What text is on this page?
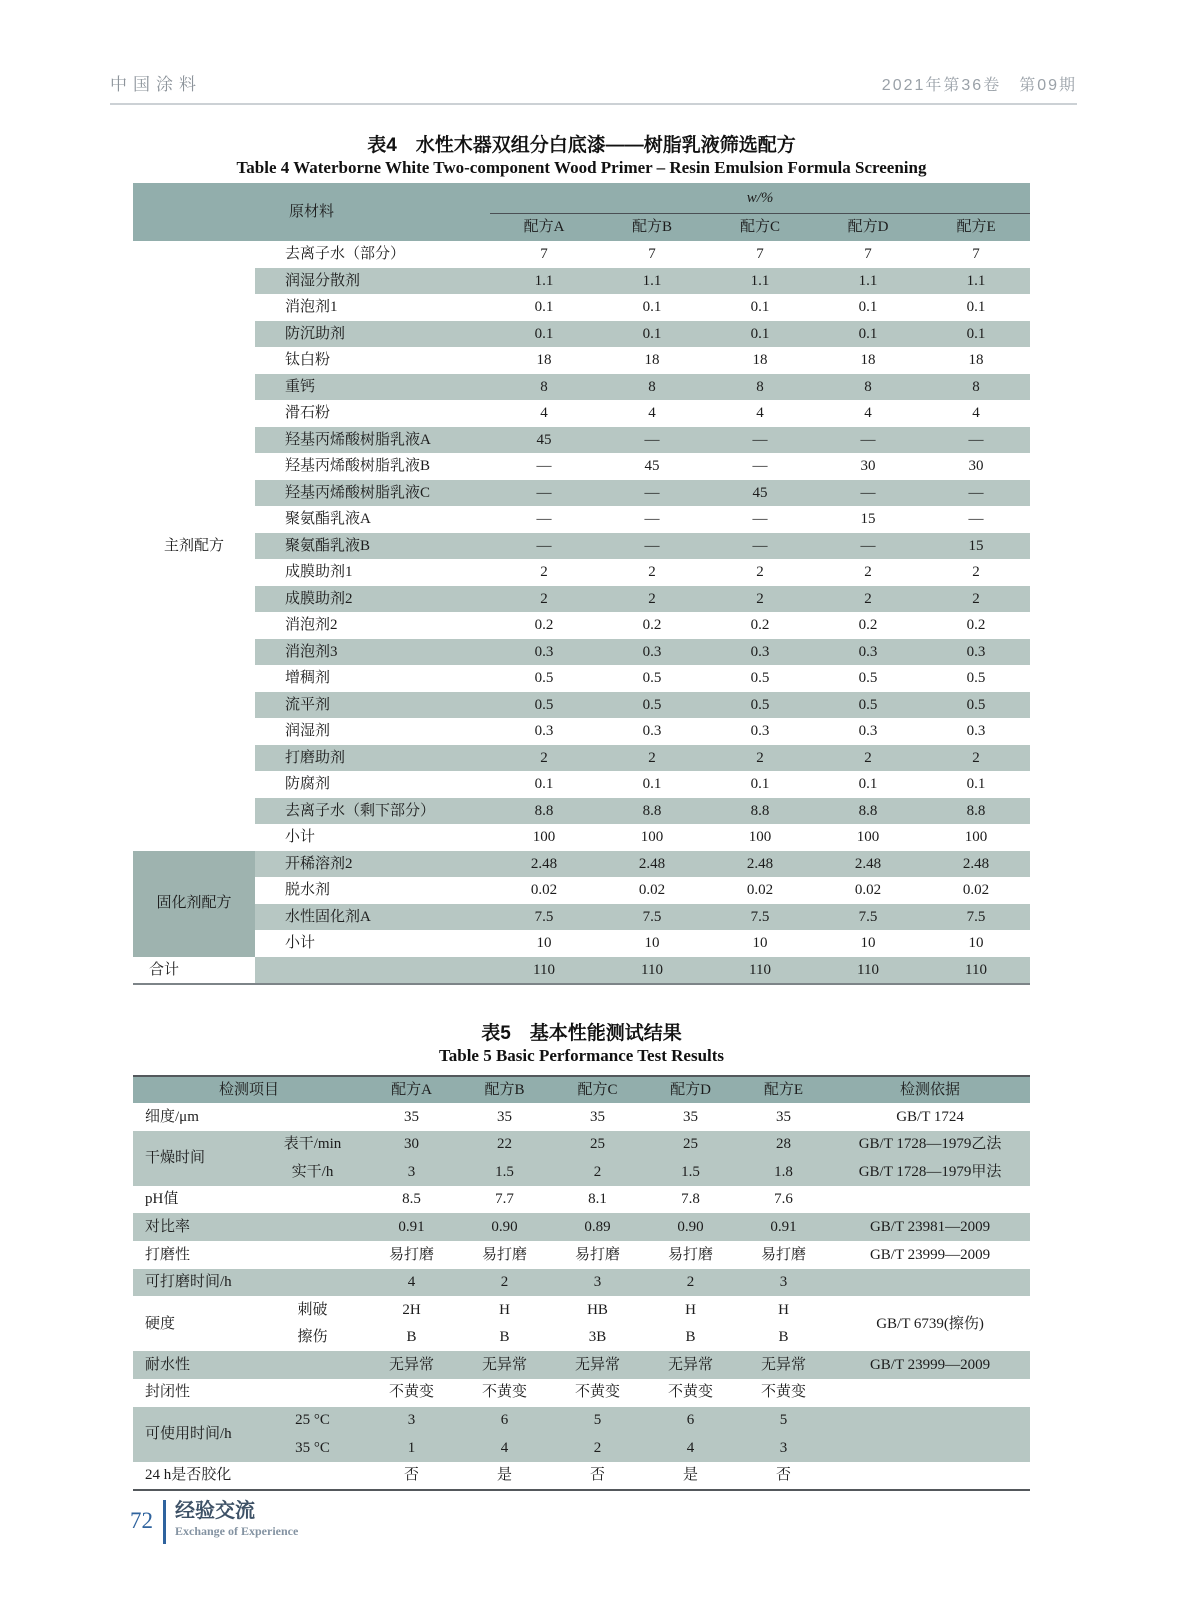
中国涂料	2021年第36卷　第09期
表4　水性木器双组分白底漆——树脂乳液筛选配方
Table 4 Waterborne White Two-component Wood Primer – Resin Emulsion Formula Screening
原材料		w/%				
		配方A	配方B	配方C	配方D	配方E
主剂配方	去离子水（部分）	7	7	7	7	7
	润湿分散剂	1.1	1.1	1.1	1.1	1.1
	消泡剂1	0.1	0.1	0.1	0.1	0.1
	防沉助剂	0.1	0.1	0.1	0.1	0.1
	钛白粉	18	18	18	18	18
	重钙	8	8	8	8	8
	滑石粉	4	4	4	4	4
	羟基丙烯酸树脂乳液A	45	—	—	—	—
	羟基丙烯酸树脂乳液B	—	45	—	30	30
	羟基丙烯酸树脂乳液C	—	—	45	—	—
	聚氨酯乳液A	—	—	—	15	—
	聚氨酯乳液B	—	—	—	—	15
	成膜助剂1	2	2	2	2	2
	成膜助剂2	2	2	2	2	2
	消泡剂2	0.2	0.2	0.2	0.2	0.2
	消泡剂3	0.3	0.3	0.3	0.3	0.3
	增稠剂	0.5	0.5	0.5	0.5	0.5
	流平剂	0.5	0.5	0.5	0.5	0.5
	润湿剂	0.3	0.3	0.3	0.3	0.3
	打磨助剂	2	2	2	2	2
	防腐剂	0.1	0.1	0.1	0.1	0.1
	去离子水（剩下部分）	8.8	8.8	8.8	8.8	8.8
	小计	100	100	100	100	100
固化剂配方	开稀溶剂2	2.48	2.48	2.48	2.48	2.48
	脱水剂	0.02	0.02	0.02	0.02	0.02
	水性固化剂A	7.5	7.5	7.5	7.5	7.5
	小计	10	10	10	10	10
合计		110	110	110	110	110
表5　基本性能测试结果
Table 5 Basic Performance Test Results
检测项目		配方A	配方B	配方C	配方D	配方E	检测依据
细度/μm		35	35	35	35	35	GB/T 1724
干燥时间	表干/min	30	22	25	25	28	GB/T 1728—1979乙法
	实干/h	3	1.5	2	1.5	1.8	GB/T 1728—1979甲法
pH值		8.5	7.7	8.1	7.8	7.6	
对比率		0.91	0.90	0.89	0.90	0.91	GB/T 23981—2009
打磨性		易打磨	易打磨	易打磨	易打磨	易打磨	GB/T 23999—2009
可打磨时间/h		4	2	3	2	3	
硬度	刺破	2H	H	HB	H	H	GB/T 6739(擦伤)
	擦伤	B	B	3B	B	B	
耐水性		无异常	无异常	无异常	无异常	无异常	GB/T 23999—2009
封闭性		不黄变	不黄变	不黄变	不黄变	不黄变	
可使用时间/h	25 °C	3	6	5	6	5	
	35 °C	1	4	2	4	3	
24 h是否胶化		否	是	否	是	否	
72 经验交流
Exchange of Experience
